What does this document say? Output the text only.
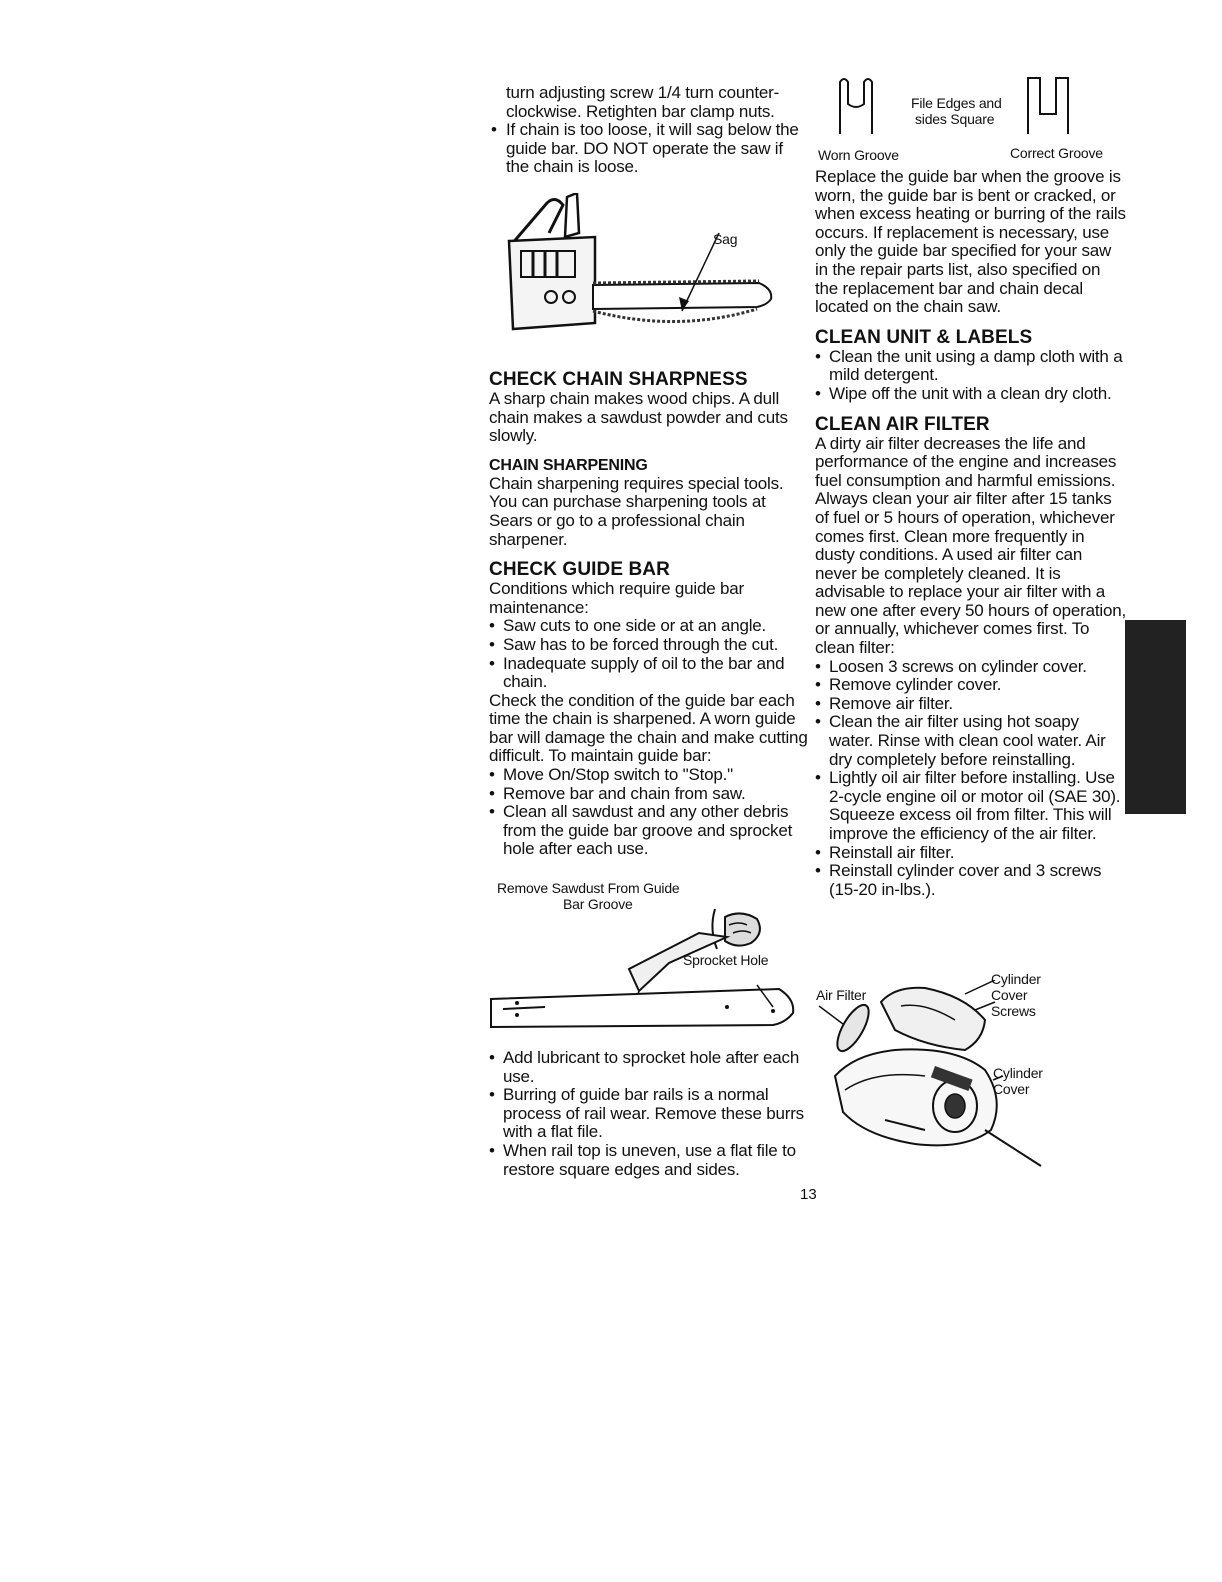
turn adjusting screw 1/4 turn counter-clockwise. Retighten bar clamp nuts.

• If chain is too loose, it will sag below the guide bar. DO NOT operate the saw if the chain is loose.
Sag
CHECK CHAIN SHARPNESS

A sharp chain makes wood chips. A dull chain makes a sawdust powder and cuts slowly.

CHAIN SHARPENING

Chain sharpening requires special tools. You can purchase sharpening tools at Sears or go to a professional chain sharpener.

CHECK GUIDE BAR

Conditions which require guide bar maintenance:

• Saw cuts to one side or at an angle.
• Saw has to be forced through the cut.
• Inadequate supply of oil to the bar and chain.

Check the condition of the guide bar each time the chain is sharpened. A worn guide bar will damage the chain and make cutting difficult. To maintain guide bar:

• Move On/Stop switch to "Stop."
• Remove bar and chain from saw.
• Clean all sawdust and any other debris from the guide bar groove and sprocket hole after each use.
Remove Sawdust From Guide
Bar Groove
Sprocket Hole
• Add lubricant to sprocket hole after each use.
• Burring of guide bar rails is a normal process of rail wear. Remove these burrs with a flat file.
• When rail top is uneven, use a flat file to restore square edges and sides.
File Edges and
sides Square
Worn Groove	Correct Groove

Replace the guide bar when the groove is worn, the guide bar is bent or cracked, or when excess heating or burring of the rails occurs. If replacement is necessary, use only the guide bar specified for your saw in the repair parts list, also specified on the replacement bar and chain decal located on the chain saw.

CLEAN UNIT & LABELS
• Clean the unit using a damp cloth with a mild detergent.
• Wipe off the unit with a clean dry cloth.
CLEAN AIR FILTER

A dirty air filter decreases the life and performance of the engine and increases fuel consumption and harmful emissions. Always clean your air filter after 15 tanks of fuel or 5 hours of operation, whichever comes first. Clean more frequently in dusty conditions. A used air filter can never be completely cleaned. It is advisable to replace your air filter with a new one after every 50 hours of operation, or annually, whichever comes first. To clean filter:

• Loosen 3 screws on cylinder cover.
• Remove cylinder cover.
• Remove air filter.
• Clean the air filter using hot soapy water. Rinse with clean cool water. Air dry completely before reinstalling.
• Lightly oil air filter before installing. Use 2-cycle engine oil or motor oil (SAE 30). Squeeze excess oil from filter. This will improve the efficiency of the air filter.
• Reinstall air filter.
• Reinstall cylinder cover and 3 screws (15-20 in-lbs.).
Air Filter
Cylinder
Cover
Screws
Cylinder
Cover
13
